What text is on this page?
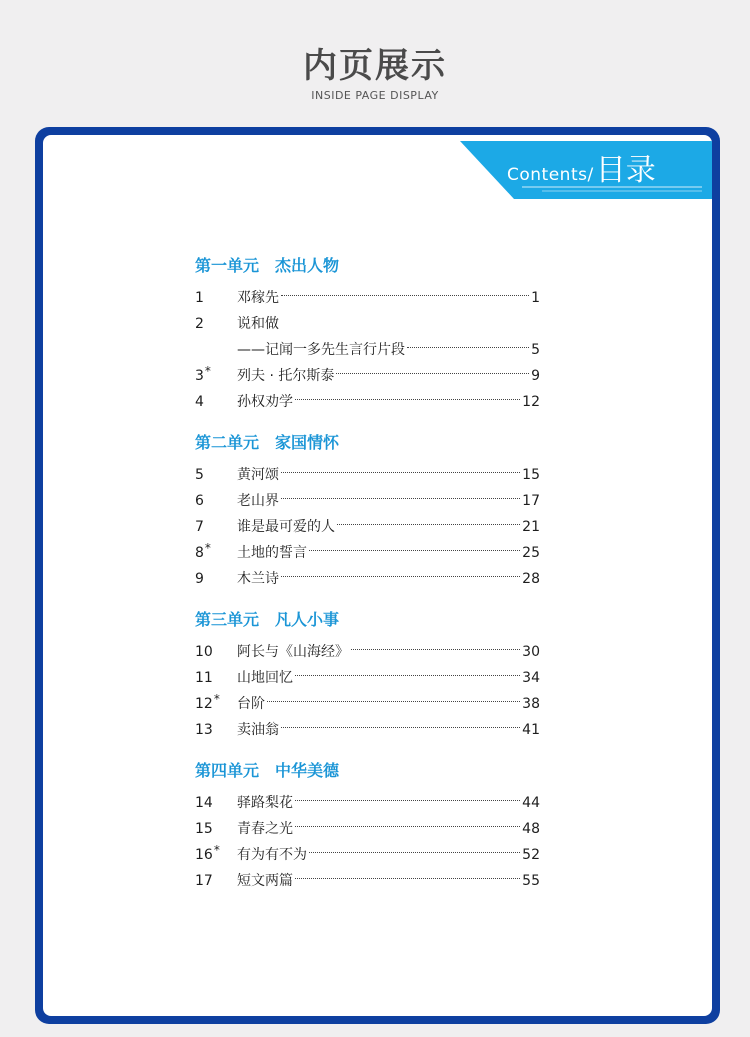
内页展示
INSIDE PAGE DISPLAY
Contents/目录
第一单元　杰出人物
1	邓稼先	1
2	说和做
——记闻一多先生言行片段	5
3*	列夫 · 托尔斯泰	9
4	孙权劝学	12
第二单元　家国情怀
5	黄河颂	15
6	老山界	17
7	谁是最可爱的人	21
8*	土地的誓言	25
9	木兰诗	28
第三单元　凡人小事
10	阿长与《山海经》	30
11	山地回忆	34
12*	台阶	38
13	卖油翁	41
第四单元　中华美德
14	驿路梨花	44
15	青春之光	48
16*	有为有不为	52
17	短文两篇	55
